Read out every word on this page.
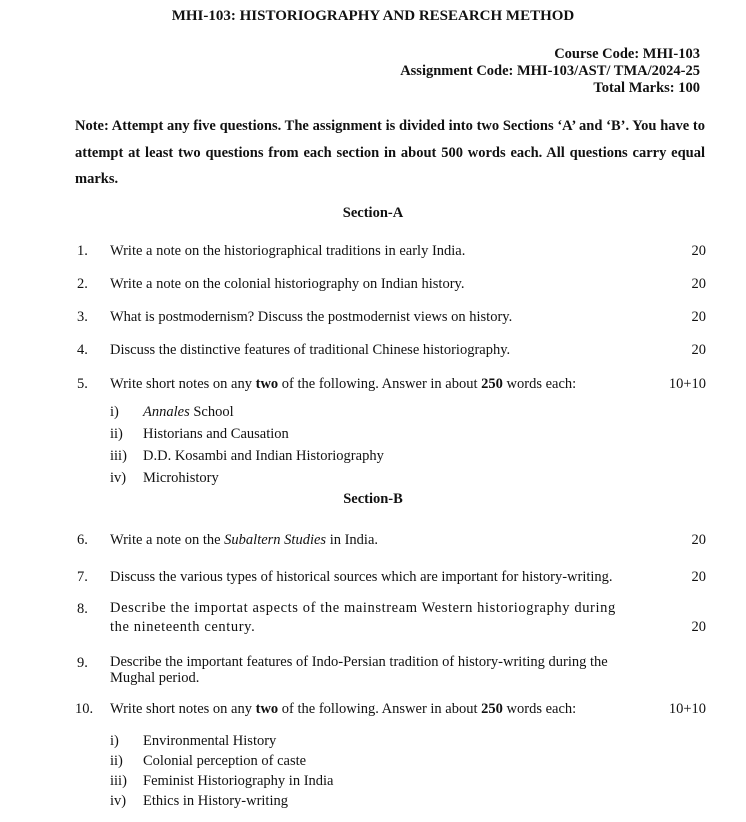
MHI-103: HISTORIOGRAPHY AND RESEARCH METHOD
Course Code: MHI-103
Assignment Code: MHI-103/AST/ TMA/2024-25
Total Marks: 100
Note: Attempt any five questions. The assignment is divided into two Sections ‘A’ and ‘B’. You have to attempt at least two questions from each section in about 500 words each. All questions carry equal marks.
Section-A
1. Write a note on the historiographical traditions in early India.	20
2. Write a note on the colonial historiography on Indian history.	20
3. What is postmodernism? Discuss the postmodernist views on history.	20
4. Discuss the distinctive features of traditional Chinese historiography.	20
5. Write short notes on any two of the following. Answer in about 250 words each:	10+10
i) Annales School
ii) Historians and Causation
iii) D.D. Kosambi and Indian Historiography
iv) Microhistory
Section-B
6. Write a note on the Subaltern Studies in India.	20
7. Discuss the various types of historical sources which are important for history-writing.	20
8. Describe the importat aspects of the mainstream Western historiography during
the nineteenth century.	20
9. Describe the important features of Indo-Persian tradition of history-writing during the
Mughal period.
10. Write short notes on any two of the following. Answer in about 250 words each:	10+10
i) Environmental History
ii) Colonial perception of caste
iii) Feminist Historiography in India
iv) Ethics in History-writing
